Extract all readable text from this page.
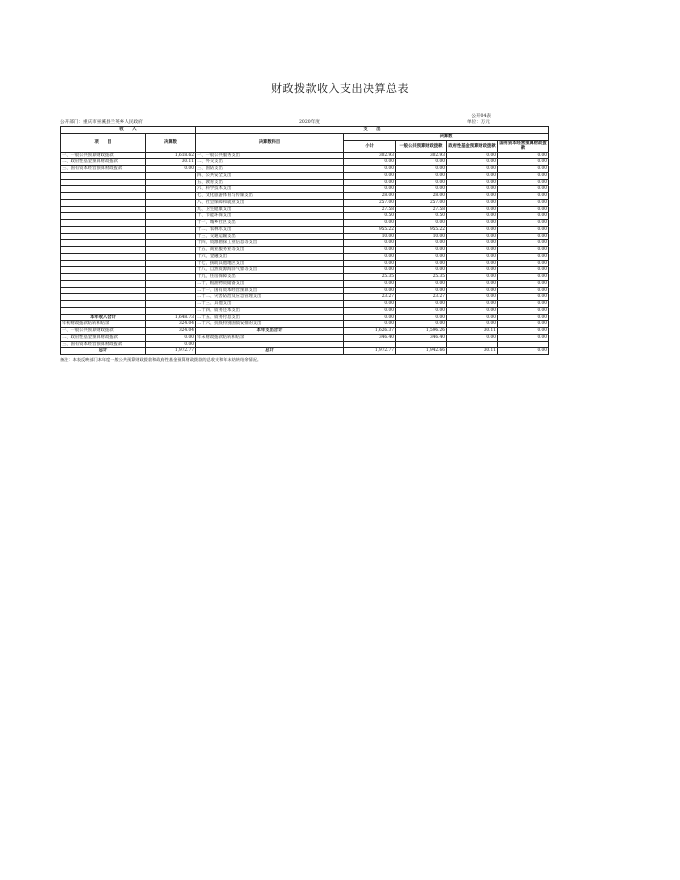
财政拨款收入支出决算总表
公开04表
公开部门：重庆市巫溪县兰英乡人民政府	2020年度	单位：万元
收　　入		支　　出				
项　　目	决算数	决算数科目	决算数			
			小计	一般公共预算财政拨款	政府性基金预算财政拨款	国有资本经营预算财政拨款

一、一般公共预算财政拨款	1,618.62	一、一般公共服务支出	302.93	302.93	0.00	0.00
二、政府性基金预算财政拨款	30.11	二、外交支出	0.00	0.00	0.00	0.00
三、国有资本经营预算财政拨款	0.00	三、国防支出	0.00	0.00	0.00	0.00
		四、公共安全支出	0.00	0.00	0.00	0.00
		五、教育支出	0.00	0.00	0.00	0.00
		六、科学技术支出	0.00	0.00	0.00	0.00
		七、文化旅游体育与传媒支出	28.00	28.00	0.00	0.00
		八、社会保障和就业支出	257.00	257.00	0.00	0.00
		九、卫生健康支出	27.58	27.58	0.00	0.00
		十、节能环保支出	0.50	0.50	0.00	0.00
		十一、城乡社区支出	0.00	0.00	0.00	0.00
		十二、农林水支出	955.22	955.22	0.00	0.00
		十三、交通运输支出	10.00	10.00	0.00	0.00
		十四、资源勘探工业信息等支出	0.00	0.00	0.00	0.00
		十五、商业服务业等支出	0.00	0.00	0.00	0.00
		十六、金融支出	0.00	0.00	0.00	0.00
		十七、援助其他地区支出	0.00	0.00	0.00	0.00
		十八、自然资源海洋气象等支出	0.00	0.00	0.00	0.00
		十九、住房保障支出	25.35	25.35	0.00	0.00
		二十、粮油物资储备支出	0.00	0.00	0.00	0.00
		二十一、国有资本经营预算支出	0.00	0.00	0.00	0.00
		二十二、灾害防治及应急管理支出	23.27	23.27	0.00	0.00
		二十三、其他支出	0.00	0.00	0.00	0.00
		二十四、债务还本支出	0.00	0.00	0.00	0.00
本年收入合计	1,648.73	二十五、债务付息支出	0.00	0.00	0.00	0.00
年初财政拨款结转和结余	324.04	二十六、抗疫特别国债安排的支出	0.00	0.00	0.00	0.00
一、一般公共预算财政拨款	324.04	本年支出合计	1,626.37	1,596.26	30.11	0.00
二、政府性基金预算财政拨款	0.00	年末财政拨款结转和结余	346.40	346.40	0.00	0.00
三、国有资本经营预算财政拨款	0.00					
总计	1,972.77	总计	1,972.77	1,942.66	30.11	0.00
备注：本表反映部门本年度一般公共预算财政拨款和政府性基金预算财政拨款的总收支和年末结转结余情况。
